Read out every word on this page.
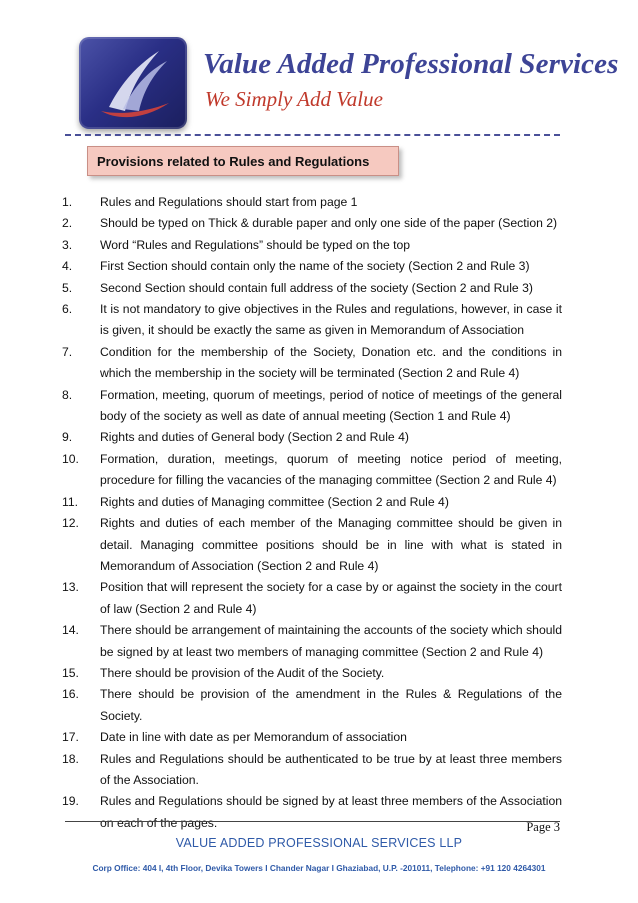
Value Added Professional Services

We Simply Add Value

Provisions related to Rules and Regulations
1. Rules and Regulations should start from page 1
2. Should be typed on Thick & durable paper and only one side of the paper (Section 2)
3. Word “Rules and Regulations” should be typed on the top
4. First Section should contain only the name of the society (Section 2 and Rule 3)
5. Second Section should contain full address of the society (Section 2 and Rule 3)
6. It is not mandatory to give objectives in the Rules and regulations, however, in case it is given, it should be exactly the same as given in Memorandum of Association
7. Condition for the membership of the Society, Donation etc. and the conditions in which the membership in the society will be terminated (Section 2 and Rule 4)
8. Formation, meeting, quorum of meetings, period of notice of meetings of the general body of the society as well as date of annual meeting (Section 1 and Rule 4)
9. Rights and duties of General body (Section 2 and Rule 4)
10. Formation, duration, meetings, quorum of meeting notice period of meeting, procedure for filling the vacancies of the managing committee (Section 2 and Rule 4)
11. Rights and duties of Managing committee (Section 2 and Rule 4)
12. Rights and duties of each member of the Managing committee should be given in detail. Managing committee positions should be in line with what is stated in Memorandum of Association (Section 2 and Rule 4)
13. Position that will represent the society for a case by or against the society in the court of law (Section 2 and Rule 4)
14. There should be arrangement of maintaining the accounts of the society which should be signed by at least two members of managing committee (Section 2 and Rule 4)
15. There should be provision of the Audit of the Society.
16. There should be provision of the amendment in the Rules & Regulations of the Society.
17. Date in line with date as per Memorandum of association
18. Rules and Regulations should be authenticated to be true by at least three members of the Association.
19. Rules and Regulations should be signed by at least three members of the Association on each of the pages.	Page 3
VALUE ADDED PROFESSIONAL SERVICES LLP
Corp Office: 404 I, 4th Floor, Devika Towers I Chander Nagar I Ghaziabad, U.P. -201011, Telephone: +91 120 4264301
